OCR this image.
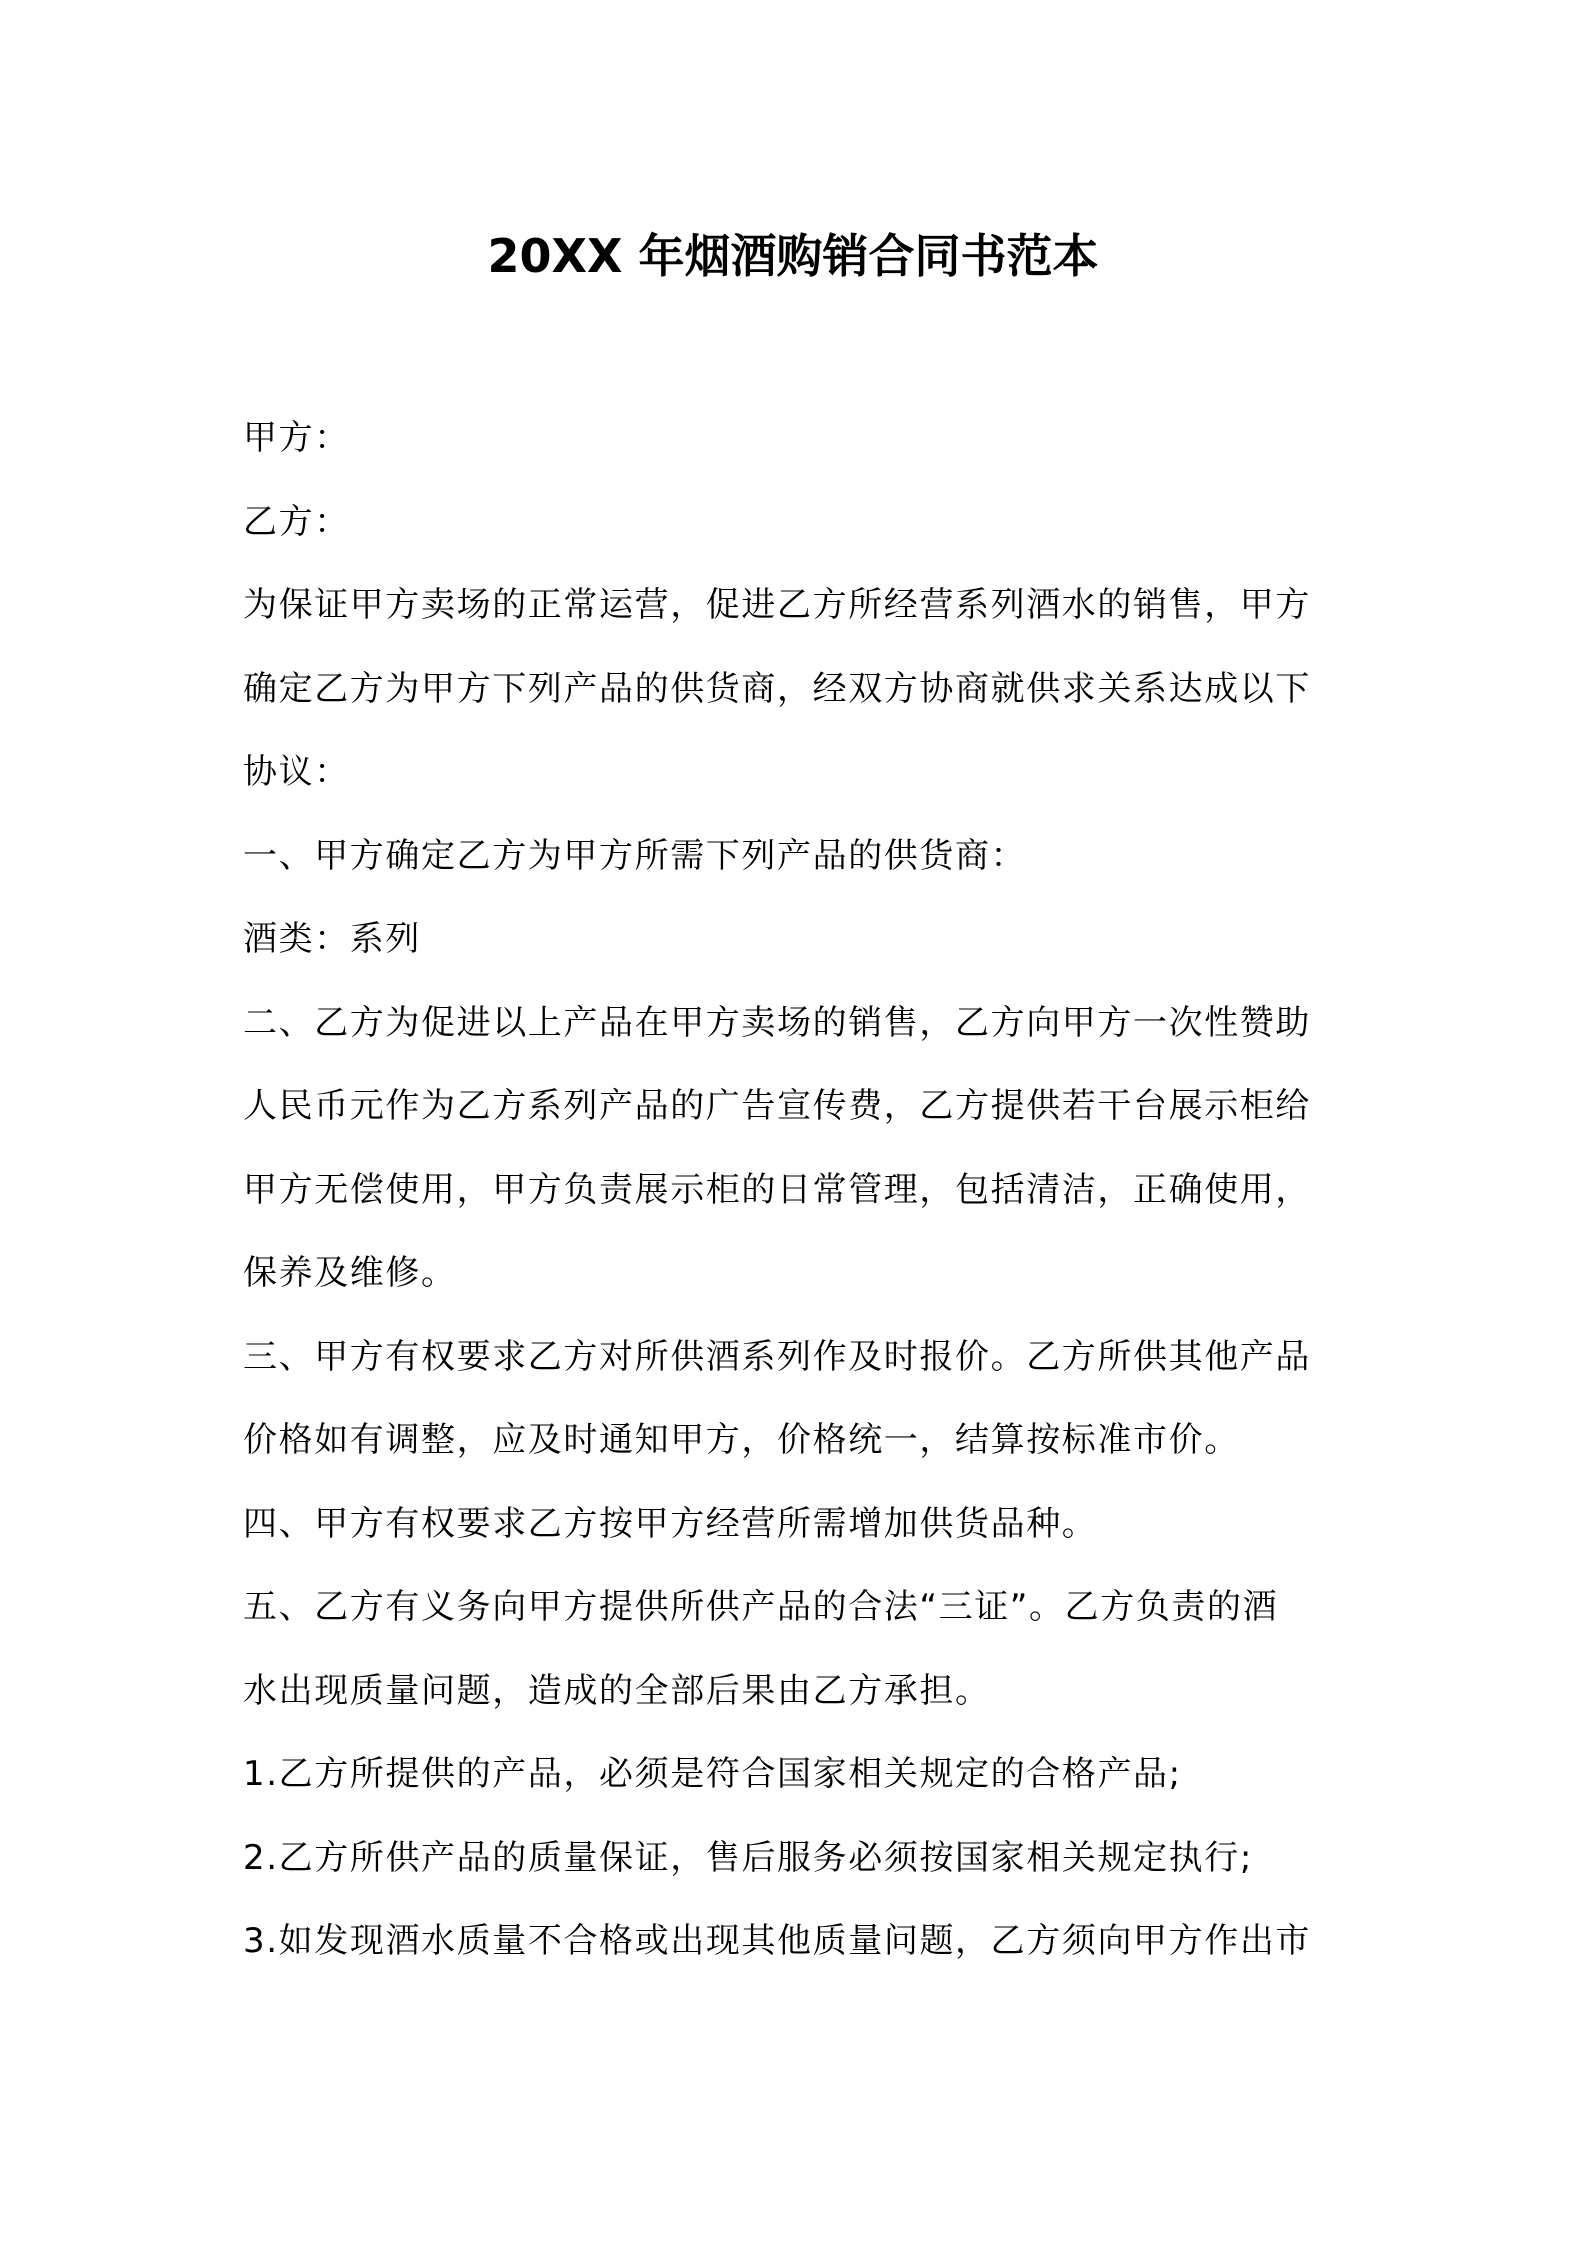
20XX 年烟酒购销合同书范本

甲方：

乙方：

为保证甲方卖场的正常运营，促进乙方所经营系列酒水的销售，甲方

确定乙方为甲方下列产品的供货商，经双方协商就供求关系达成以下

协议：

一、甲方确定乙方为甲方所需下列产品的供货商：

酒类：系列

二、乙方为促进以上产品在甲方卖场的销售，乙方向甲方一次性赞助

人民币元作为乙方系列产品的广告宣传费，乙方提供若干台展示柜给

甲方无偿使用，甲方负责展示柜的日常管理，包括清洁，正确使用，

保养及维修。

三、甲方有权要求乙方对所供酒系列作及时报价。乙方所供其他产品

价格如有调整，应及时通知甲方，价格统一，结算按标准市价。

四、甲方有权要求乙方按甲方经营所需增加供货品种。

五、乙方有义务向甲方提供所供产品的合法“三证”。乙方负责的酒

水出现质量问题，造成的全部后果由乙方承担。

1.乙方所提供的产品，必须是符合国家相关规定的合格产品;

2.乙方所供产品的质量保证，售后服务必须按国家相关规定执行;

3.如发现酒水质量不合格或出现其他质量问题，乙方须向甲方作出市
